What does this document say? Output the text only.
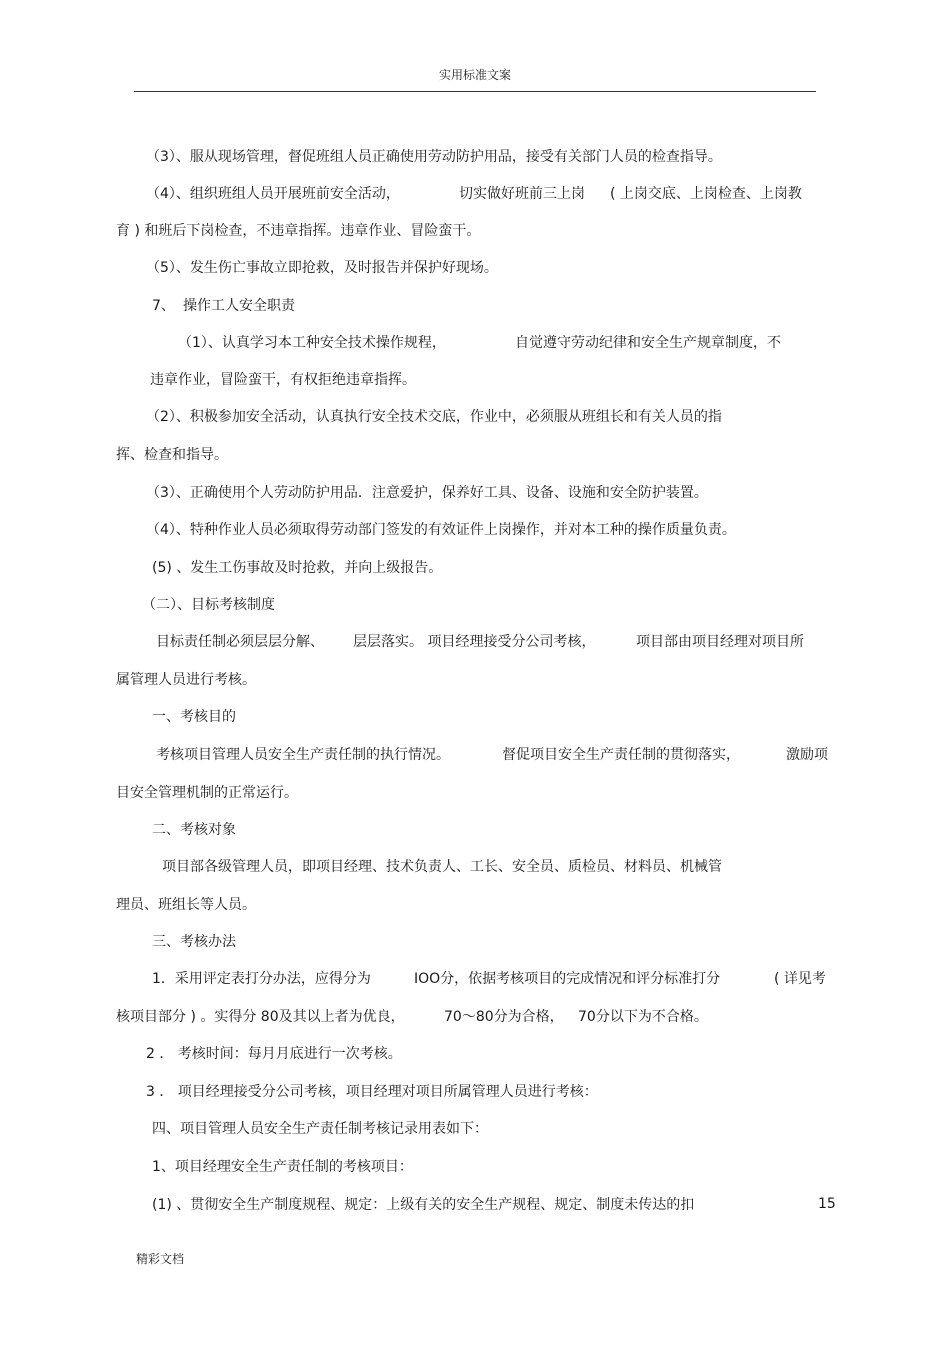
实用标准文案
（3）、服从现场管理，督促班组人员正确使用劳动防护用品，接受有关部门人员的检查指导。
（4）、组织班组人员开展班前安全活动，	切实做好班前三上岗 ( 上岗交底、上岗检查、上岗教
育 ) 和班后下岗检查，不违章指挥。违章作业、冒险蛮干。
（5）、发生伤亡事故立即抢救，及时报告并保护好现场。
7、 操作工人安全职责
（1）、认真学习本工种安全技术操作规程，	自觉遵守劳动纪律和安全生产规章制度，不
违章作业，冒险蛮干，有权拒绝违章指挥。
（2）、积极参加安全活动，认真执行安全技术交底，作业中，必须服从班组长和有关人员的指
挥、检查和指导。
（3）、正确使用个人劳动防护用品．注意爱护，保养好工具、设备、设施和安全防护装置。
（4）、特种作业人员必须取得劳动部门签发的有效证件上岗操作，并对本工种的操作质量负责。
(5) 、发生工伤事故及时抢救，并向上级报告。
（二）、目标考核制度
目标责任制必须层层分解、 层层落实。 项目经理接受分公司考核，	项目部由项目经理对项目所
属管理人员进行考核。
一、考核目的
考核项目管理人员安全生产责任制的执行情况。	督促项目安全生产责任制的贯彻落实，	激励项
目安全管理机制的正常运行。
二、考核对象
项目部各级管理人员，即项目经理、技术负责人、工长、安全员、质检员、材料员、机械管
理员、班组长等人员。
三、考核办法
1．采用评定表打分办法，应得分为	IOO分，依据考核项目的完成情况和评分标准打分	( 详见考
核项目部分 ) 。实得分 80及其以上者为优良，	70～80分为合格， 70分以下为不合格。
2 ． 考核时间：每月月底进行一次考核。
3 ． 项目经理接受分公司考核，项目经理对项目所属管理人员进行考核：
四、项目管理人员安全生产责任制考核记录用表如下：
1、项目经理安全生产责任制的考核项目：
(1) 、贯彻安全生产制度规程、规定：上级有关的安全生产规程、规定、制度未传达的扣	15
精彩文档
